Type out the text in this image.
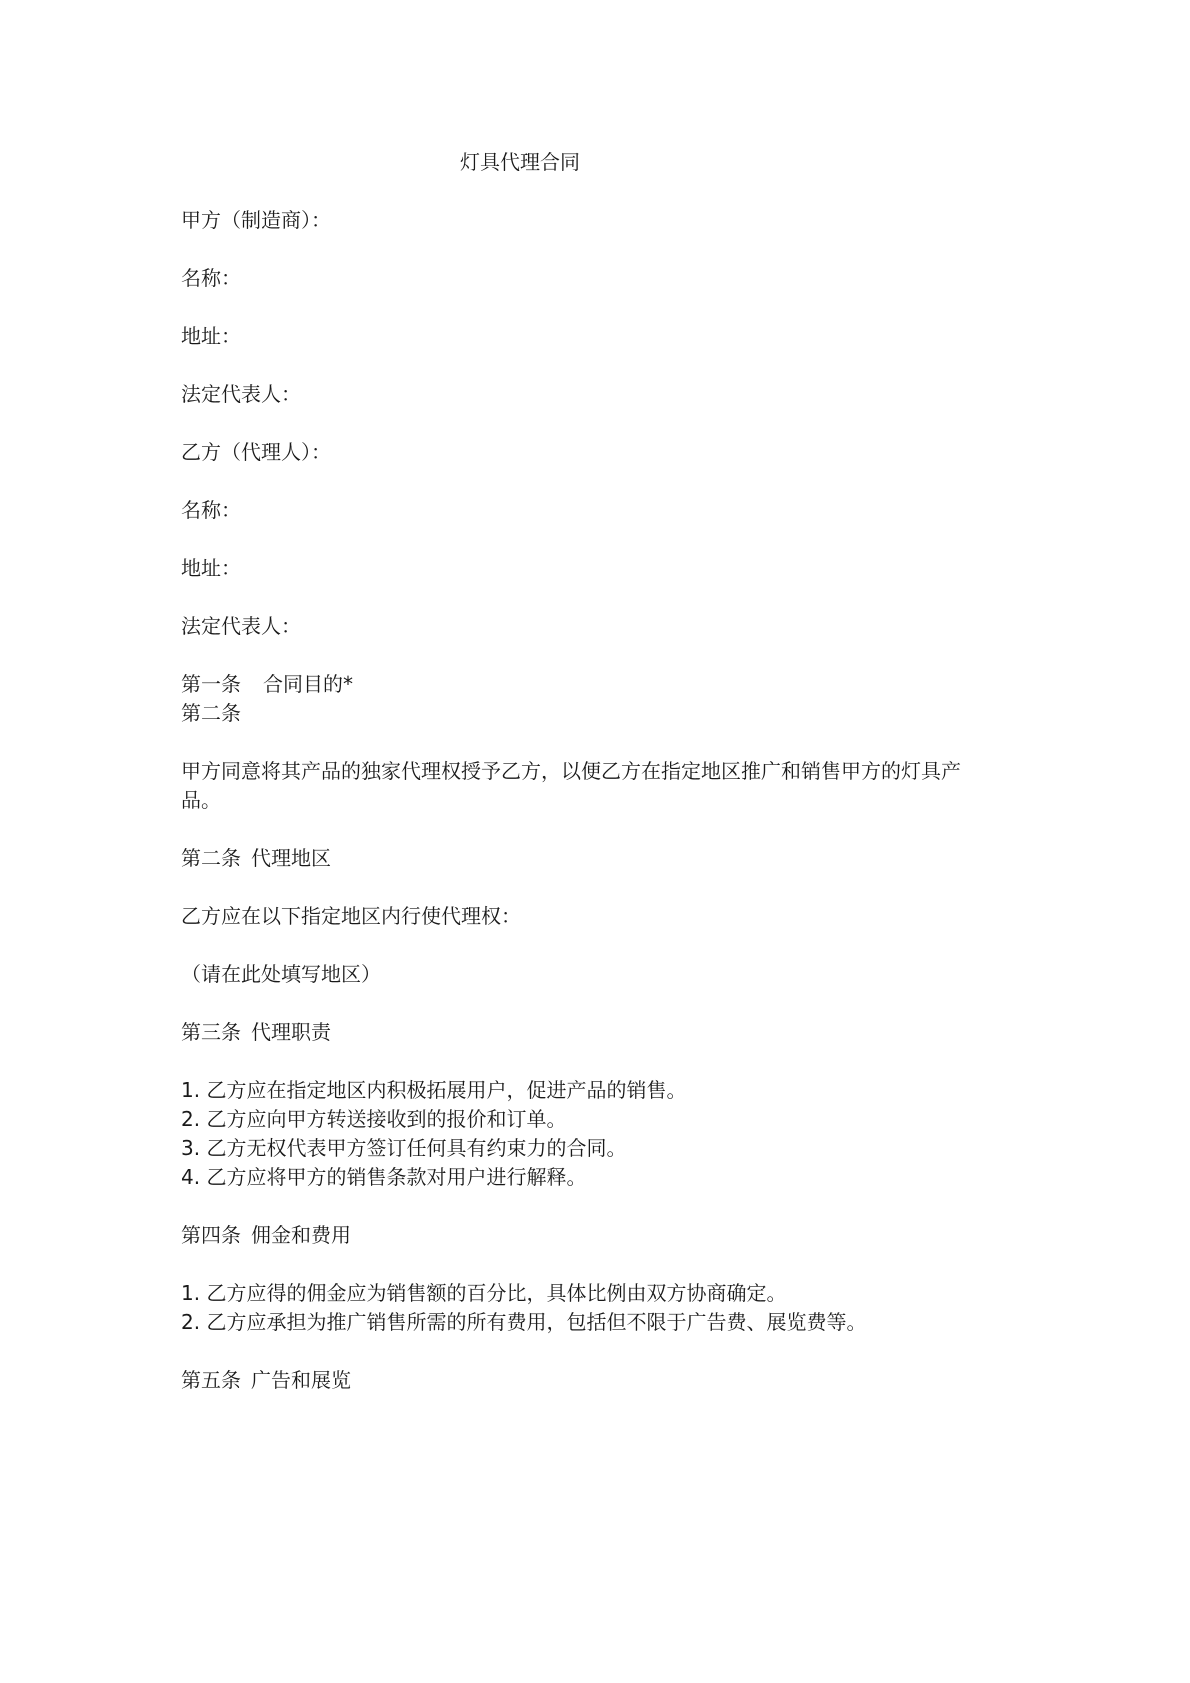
灯具代理合同
甲方（制造商）：
名称：
地址：
法定代表人：
乙方（代理人）：
名称：
地址：
法定代表人：
第一条 合同目的*
第二条
甲方同意将其产品的独家代理权授予乙方，以便乙方在指定地区推广和销售甲方的灯具产
品。
第二条 代理地区
乙方应在以下指定地区内行使代理权：
（请在此处填写地区）
第三条 代理职责
1. 乙方应在指定地区内积极拓展用户，促进产品的销售。
2. 乙方应向甲方转送接收到的报价和订单。
3. 乙方无权代表甲方签订任何具有约束力的合同。
4. 乙方应将甲方的销售条款对用户进行解释。
第四条 佣金和费用
1. 乙方应得的佣金应为销售额的百分比，具体比例由双方协商确定。
2. 乙方应承担为推广销售所需的所有费用，包括但不限于广告费、展览费等。
第五条 广告和展览
